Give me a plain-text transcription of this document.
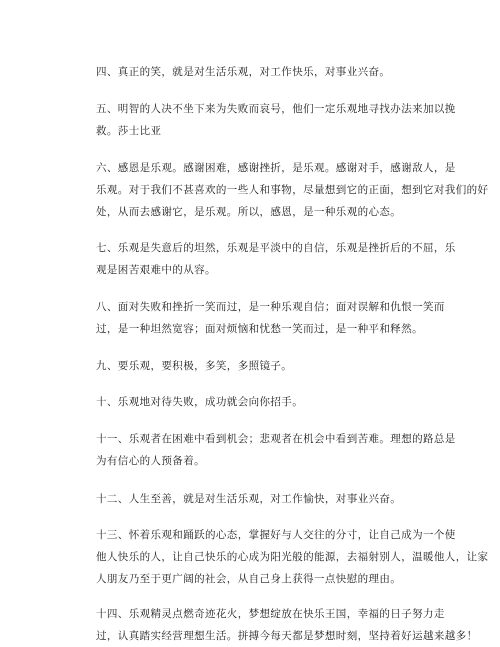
四、真正的笑，就是对生活乐观，对工作快乐，对事业兴奋。
五、明智的人决不坐下来为失败而哀号，他们一定乐观地寻找办法来加以挽
救。莎士比亚
六、感恩是乐观。感谢困难，感谢挫折，是乐观。感谢对手，感谢敌人，是
乐观。对于我们不甚喜欢的一些人和事物，尽量想到它的正面，想到它对我们的好
处，从而去感谢它，是乐观。所以，感恩，是一种乐观的心态。
七、乐观是失意后的坦然，乐观是平淡中的自信，乐观是挫折后的不屈，乐
观是困苦艰难中的从容。
八、面对失败和挫折一笑而过，是一种乐观自信；面对误解和仇恨一笑而
过，是一种坦然宽容；面对烦恼和忧愁一笑而过，是一种平和释然。
九、要乐观，要积极，多笑，多照镜子。
十、乐观地对待失败，成功就会向你招手。
十一、乐观者在困难中看到机会；悲观者在机会中看到苦难。理想的路总是
为有信心的人预备着。
十二、人生至善，就是对生活乐观，对工作愉快，对事业兴奋。
十三、怀着乐观和踊跃的心态，掌握好与人交往的分寸，让自己成为一个使
他人快乐的人，让自己快乐的心成为阳光般的能源，去福射别人，温暖他人，让家
人朋友乃至于更广阔的社会，从自己身上获得一点快慰的理由。
十四、乐观精灵点燃奇迹花火，梦想绽放在快乐王国，幸福的日子努力走
过，认真踏实经营理想生活。拼搏今每天都是梦想时刻，坚持着好运越来越多！
